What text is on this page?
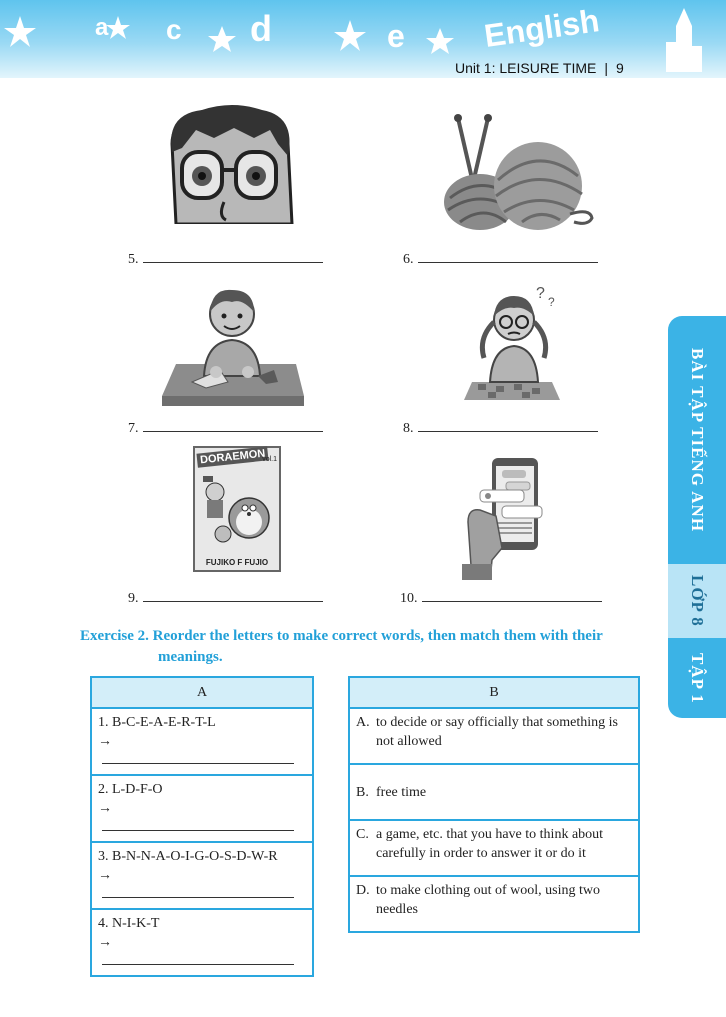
a c d	e English
Unit 1: LEISURE TIME | 9
BÀI TẬP TIẾNG ANH
LỚP 8
TẬP 1
5.	6.
? ?
7.	8.
DORAEMON
vol.1
FUJIKO F FUJIO
9.	10.
Exercise 2. Reorder the letters to make correct words, then match them with their
meanings.
A

1. B-C-E-A-E-R-T-L
→

2. L-D-F-O
→

3. B-N-N-A-O-I-G-O-S-D-W-R
→

4. N-I-K-T
→
B

A. to decide or say officially that something is not allowed

B. free time

C. a game, etc. that you have to think about carefully in order to answer it or do it

D. to make clothing out of wool, using two needles
